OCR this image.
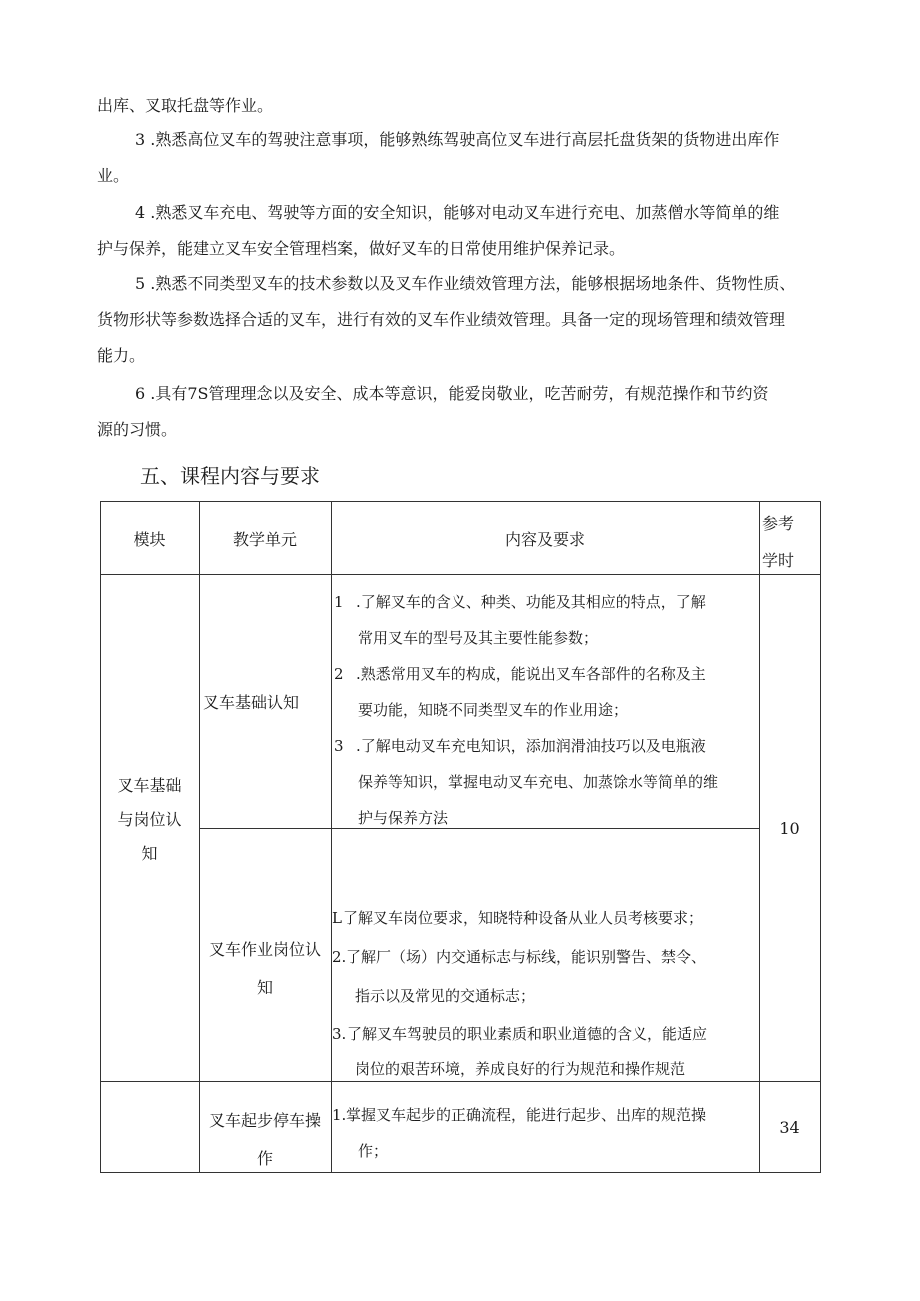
出库、叉取托盘等作业。
3 .熟悉高位叉车的驾驶注意事项，能够熟练驾驶高位叉车进行高层托盘货架的货物进出库作
业。
4 .熟悉叉车充电、驾驶等方面的安全知识，能够对电动叉车进行充电、加蒸僧水等简单的维
护与保养，能建立叉车安全管理档案，做好叉车的日常使用维护保养记录。
5 .熟悉不同类型叉车的技术参数以及叉车作业绩效管理方法，能够根据场地条件、货物性质、
货物形状等参数选择合适的叉车，进行有效的叉车作业绩效管理。具备一定的现场管理和绩效管理
能力。
6 .具有7S管理理念以及安全、成本等意识，能爱岗敬业，吃苦耐劳，有规范操作和节约资
源的习惯。
五、课程内容与要求
模块	教学单元	内容及要求
参考
学时
叉车基础
与岗位认
知
10
叉车基础认知
1 .了解叉车的含义、种类、功能及其相应的特点，了解
常用叉车的型号及其主要性能参数；
2 .熟悉常用叉车的构成，能说出叉车各部件的名称及主
要功能，知晓不同类型叉车的作业用途；
3 .了解电动叉车充电知识，添加润滑油技巧以及电瓶液
保养等知识，掌握电动叉车充电、加蒸馀水等简单的维
护与保养方法
叉车作业岗位认
知
L 了解叉车岗位要求，知晓特种设备从业人员考核要求；
2. 了解厂（场）内交通标志与标线，能识别警告、禁令、
指示以及常见的交通标志；
3. 了解叉车驾驶员的职业素质和职业道德的含义，能适应
岗位的艰苦环境，养成良好的行为规范和操作规范
叉车起步停车操
作
1. 掌握叉车起步的正确流程，能进行起步、出库的规范操
作；
34
